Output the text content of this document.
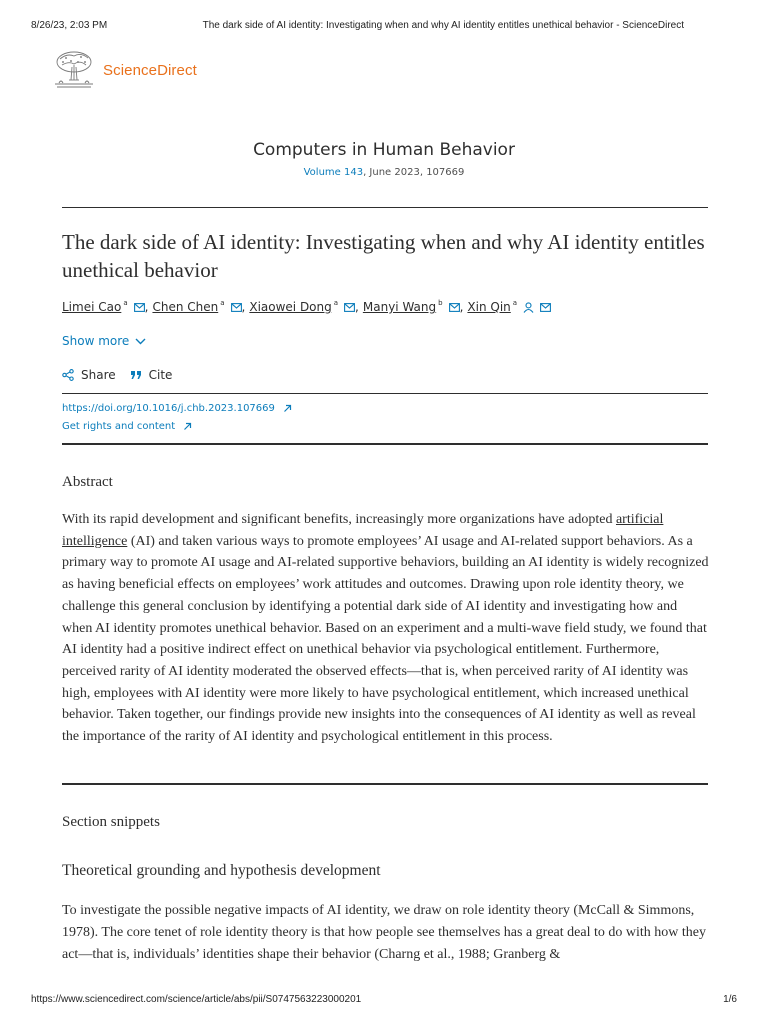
8/26/23, 2:03 PM	The dark side of AI identity: Investigating when and why AI identity entitles unethical behavior - ScienceDirect
ScienceDirect
Computers in Human Behavior
Volume 143, June 2023, 107669
The dark side of AI identity: Investigating when and why AI identity entitles unethical behavior
Limei Cao a , Chen Chen a , Xiaowei Dong a , Manyi Wang b , Xin Qin a
Show more
Share	Cite
https://doi.org/10.1016/j.chb.2023.107669
Get rights and content
Abstract

With its rapid development and significant benefits, increasingly more organizations have adopted artificial intelligence (AI) and taken various ways to promote employees’ AI usage and AI-related support behaviors. As a primary way to promote AI usage and AI-related supportive behaviors, building an AI identity is widely recognized as having beneficial effects on employees’ work attitudes and outcomes. Drawing upon role identity theory, we challenge this general conclusion by identifying a potential dark side of AI identity and investigating how and when AI identity promotes unethical behavior. Based on an experiment and a multi-wave field study, we found that AI identity had a positive indirect effect on unethical behavior via psychological entitlement. Furthermore, perceived rarity of AI identity moderated the observed effects—that is, when perceived rarity of AI identity was high, employees with AI identity were more likely to have psychological entitlement, which increased unethical behavior. Taken together, our findings provide new insights into the consequences of AI identity as well as reveal the importance of the rarity of AI identity and psychological entitlement in this process.

Section snippets
Theoretical grounding and hypothesis development

To investigate the possible negative impacts of AI identity, we draw on role identity theory (McCall & Simmons, 1978). The core tenet of role identity theory is that how people see themselves has a great deal to do with how they act—that is, individuals’ identities shape their behavior (Charng et al., 1988; Granberg &

https://www.sciencedirect.com/science/article/abs/pii/S0747563223000201	1/6
